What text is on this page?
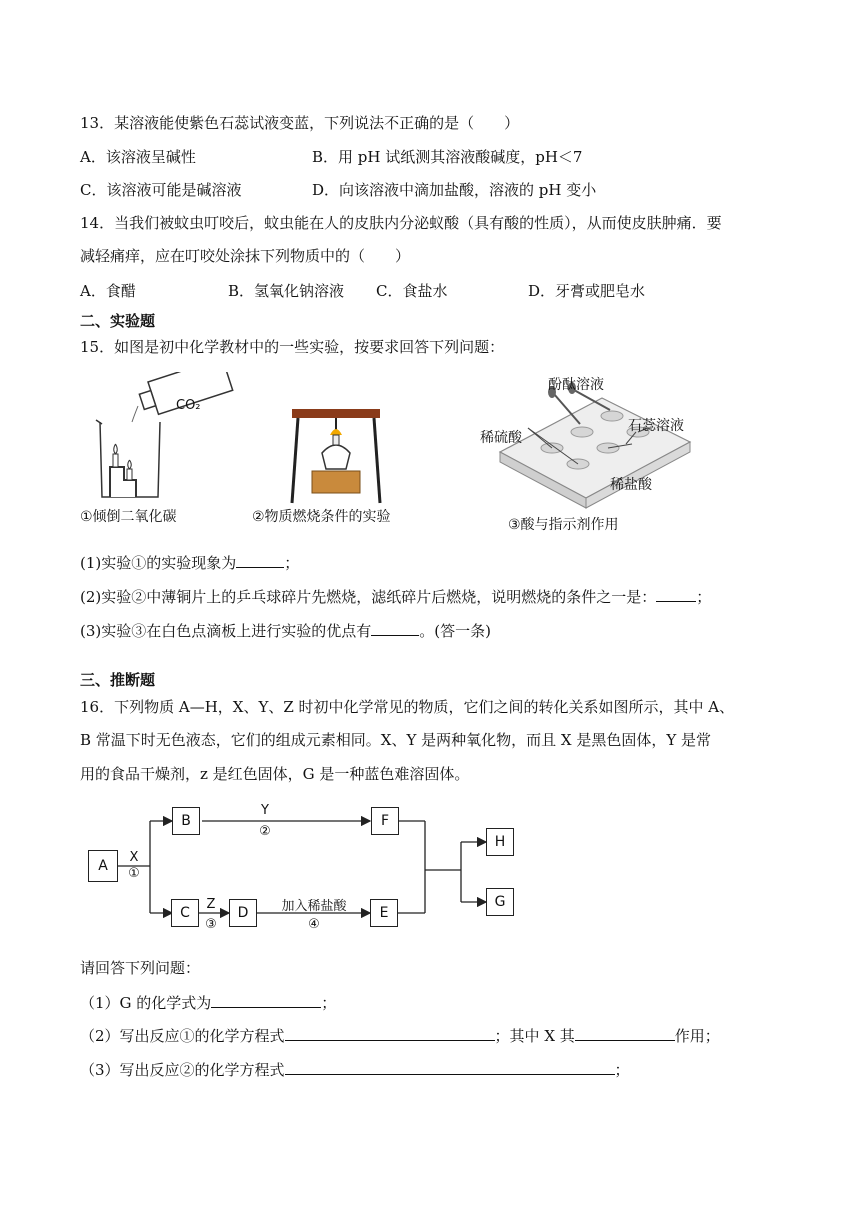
13．某溶液能使紫色石蕊试液变蓝，下列说法不正确的是（　　）
A．该溶液呈碱性	B．用 pH 试纸测其溶液酸碱度，pH＜7
C．该溶液可能是碱溶液	D．向该溶液中滴加盐酸，溶液的 pH 变小
14．当我们被蚊虫叮咬后，蚊虫能在人的皮肤内分泌蚁酸（具有酸的性质），从而使皮肤肿痛．要
减轻痛痒，应在叮咬处涂抹下列物质中的（　　）
A．食醋	B．氢氧化钠溶液 C．食盐水	D．牙膏或肥皂水
二、实验题
15．如图是初中化学教材中的一些实验，按要求回答下列问题：
CO₂
①倾倒二氧化碳	②物质燃烧条件的实验
酚酞溶液
石蕊溶液
稀硫酸
稀盐酸
③酸与指示剂作用
(1)实验①的实验现象为	；
(2)实验②中薄铜片上的乒乓球碎片先燃烧，滤纸碎片后燃烧，说明燃烧的条件之一是：	；
(3)实验③在白色点滴板上进行实验的优点有	。(答一条)
三、推断题
16．下列物质 A—H，X、Y、Z 时初中化学常见的物质，它们之间的转化关系如图所示，其中 A、
B 常温下时无色液态，它们的组成元素相同。X、Y 是两种氧化物，而且 X 是黑色固体，Y 是常
用的食品干燥剂，z 是红色固体，G 是一种蓝色难溶固体。
A
B	F
C	D	E
H
G
X
①
Y
②
Z
③
加入稀盐酸
④
请回答下列问题：
（1）G 的化学式为	；
（2）写出反应①的化学方程式	；其中 X 其	作用；
（3）写出反应②的化学方程式	；
